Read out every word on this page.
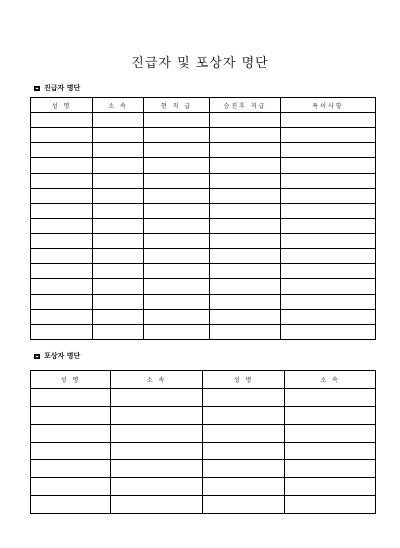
진급자 및 포상자 명단
진급자 명단
성 명	소 속	현 직 급	승진후 직급	특이사항

포상자 명단
성 명	소 속	성 명	소 속
